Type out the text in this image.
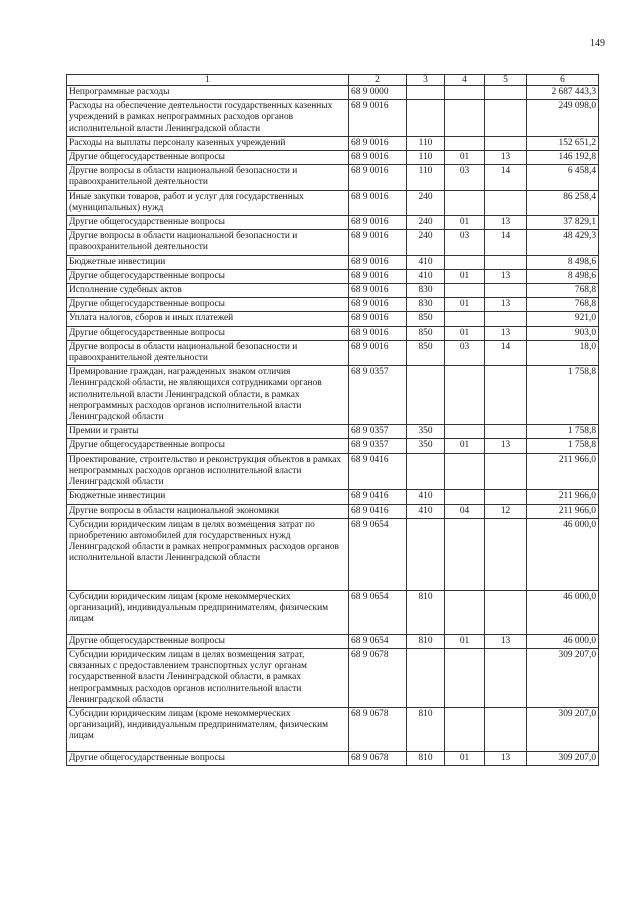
149
1	2	3	4	5	6
Непрограммные расходы	68 9 0000				2 687 443,3
Расходы на обеспечение деятельности государственных казенных учреждений в рамках непрограммных расходов органов исполнительной власти Ленинградской области	68 9 0016				249 098,0
Расходы на выплаты персоналу казенных учреждений	68 9 0016	110			152 651,2
Другие общегосударственные вопросы	68 9 0016	110	01	13	146 192,8
Другие вопросы в области национальной безопасности и правоохранительной деятельности	68 9 0016	110	03	14	6 458,4
Иные закупки товаров, работ и услуг для государственных (муниципальных) нужд	68 9 0016	240			86 258,4
Другие общегосударственные вопросы	68 9 0016	240	01	13	37 829,1
Другие вопросы в области национальной безопасности и правоохранительной деятельности	68 9 0016	240	03	14	48 429,3
Бюджетные инвестиции	68 9 0016	410			8 498,6
Другие общегосударственные вопросы	68 9 0016	410	01	13	8 498,6
Исполнение судебных актов	68 9 0016	830			768,8
Другие общегосударственные вопросы	68 9 0016	830	01	13	768,8
Уплата налогов, сборов и иных платежей	68 9 0016	850			921,0
Другие общегосударственные вопросы	68 9 0016	850	01	13	903,0
Другие вопросы в области национальной безопасности и правоохранительной деятельности	68 9 0016	850	03	14	18,0
Премирование граждан, награжденных знаком отличия Ленинградской области, не являющихся сотрудниками органов исполнительной власти Ленинградской области, в рамках непрограммных расходов органов исполнительной власти Ленинградской области	68 9 0357				1 758,8
Премии и гранты	68 9 0357	350			1 758,8
Другие общегосударственные вопросы	68 9 0357	350	01	13	1 758,8
Проектирование, строительство и реконструкция объектов в рамках непрограммных расходов органов исполнительной власти Ленинградской области	68 9 0416				211 966,0
Бюджетные инвестиции	68 9 0416	410			211 966,0
Другие вопросы в области национальной экономики	68 9 0416	410	04	12	211 966,0
Субсидии юридическим лицам в целях возмещения затрат по приобретению автомобилей для государственных нужд Ленинградской области в рамках непрограммных расходов органов исполнительной власти Ленинградской области	68 9 0654				46 000,0
Субсидии юридическим лицам (кроме некоммерческих организаций), индивидуальным предпринимателям, физическим лицам	68 9 0654	810			46 000,0
Другие общегосударственные вопросы	68 9 0654	810	01	13	46 000,0
Субсидии юридическим лицам в целях возмещения затрат, связанных с предоставлением транспортных услуг органам государственной власти Ленинградской области, в рамках непрограммных расходов органов исполнительной власти Ленинградской области	68 9 0678				309 207,0
Субсидии юридическим лицам (кроме некоммерческих организаций), индивидуальным предпринимателям, физическим лицам	68 9 0678	810			309 207,0
Другие общегосударственные вопросы	68 9 0678	810	01	13	309 207,0
